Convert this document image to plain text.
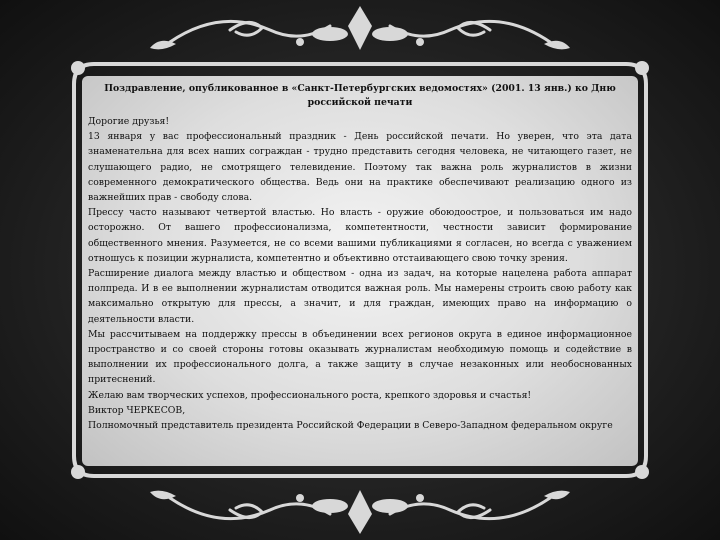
Поздравление, опубликованное в «Санкт-Петербургских ведомостях» (2001. 13 янв.) ко Дню российской печати

Дорогие друзья!

13 января у вас профессиональный праздник - День российской печати. Но уверен, что эта дата знаменательна для всех наших сограждан - трудно представить сегодня человека, не читающего газет, не слушающего радио, не смотрящего телевидение. Поэтому так важна роль журналистов в жизни современного демократического общества. Ведь они на практике обеспечивают реализацию одного из важнейших прав - свободу слова.

Прессу часто называют четвертой властью. Но власть - оружие обоюдоострое, и пользоваться им надо осторожно. От вашего профессионализма, компетентности, честности зависит формирование общественного мнения. Разумеется, не со всеми вашими публикациями я согласен, но всегда с уважением отношусь к позиции журналиста, компетентно и объективно отстаивающего свою точку зрения.

Расширение диалога между властью и обществом - одна из задач, на которые нацелена работа аппарат полпреда. И в ее выполнении журналистам отводится важная роль. Мы намерены строить свою работу как максимально открытую для прессы, а значит, и для граждан, имеющих право на информацию о деятельности власти.

Мы рассчитываем на поддержку прессы в объединении всех регионов округа в единое информационное пространство и со своей стороны готовы оказывать журналистам необходимую помощь и содействие в выполнении их профессионального долга, а также защиту в случае незаконных или необоснованных притеснений.

Желаю вам творческих успехов, профессионального роста, крепкого здоровья и счастья!

Виктор ЧЕРКЕСОВ,

Полномочный представитель президента Российской Федерации в Северо-Западном федеральном округе
